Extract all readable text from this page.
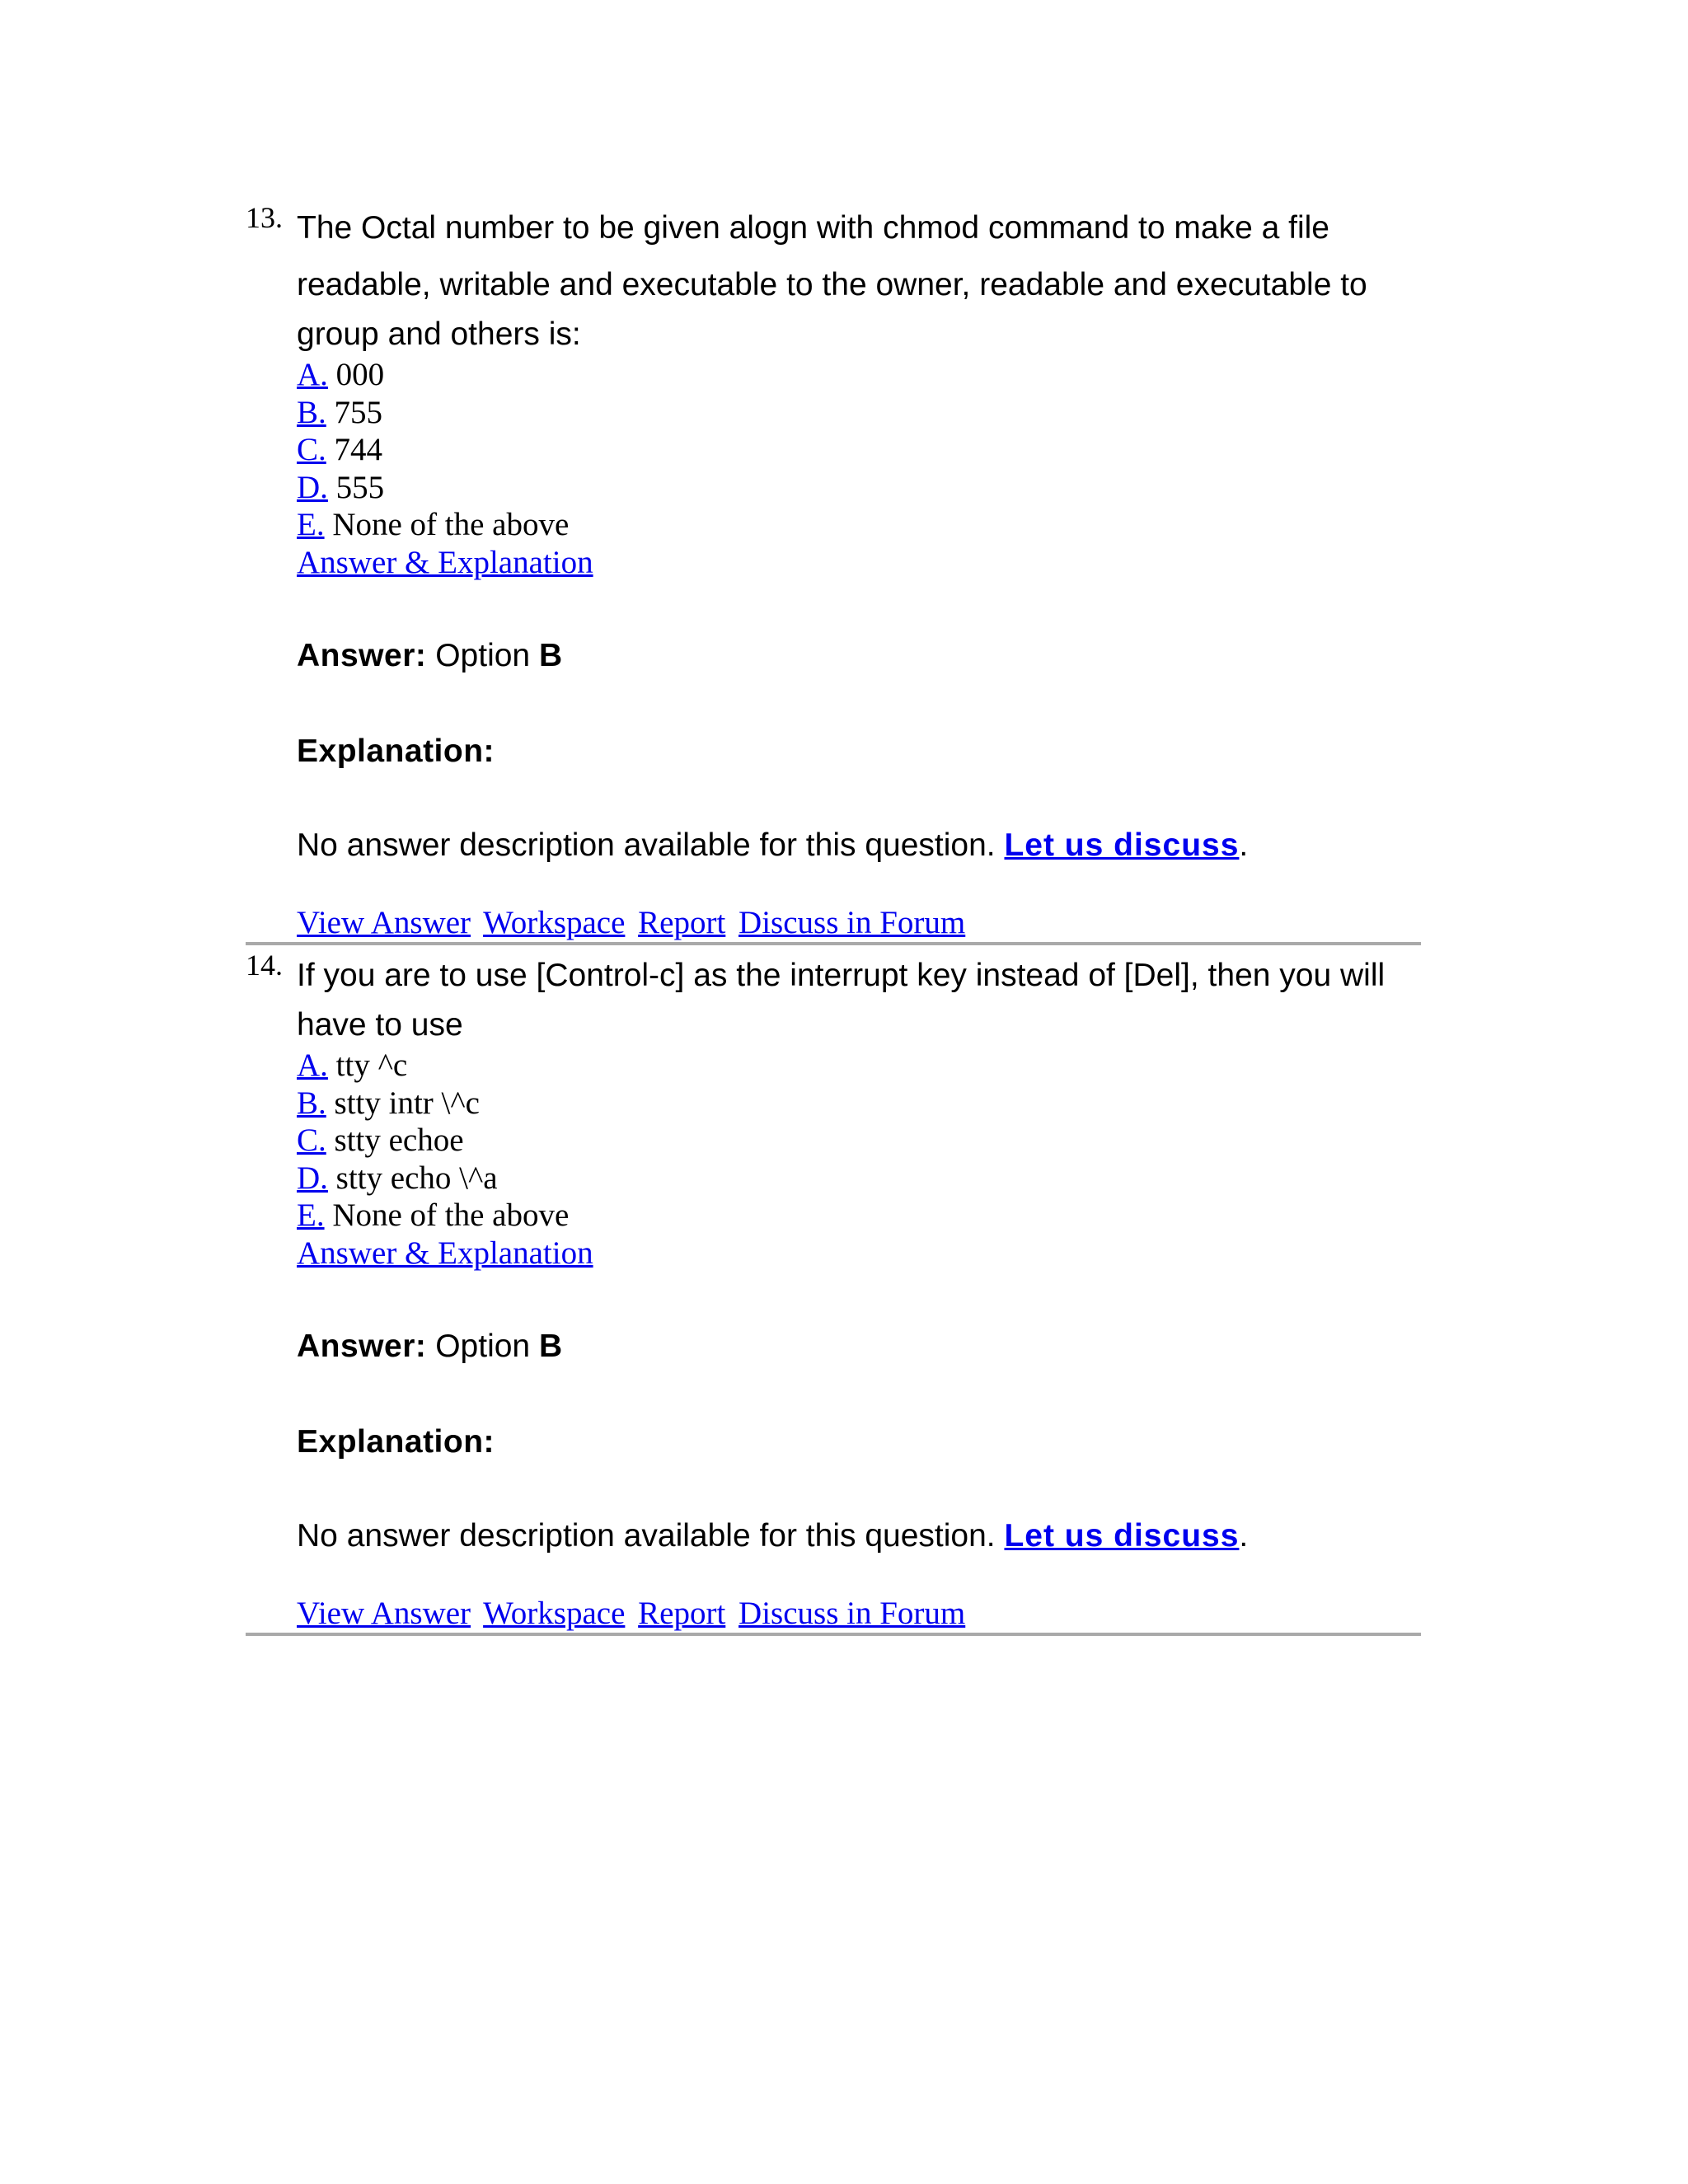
13. The Octal number to be given alogn with chmod command to make a file
readable, writable and executable to the owner, readable and executable to
group and others is:
A. 000
B. 755
C. 744
D. 555
E. None of the above
Answer & Explanation
Answer: Option B
Explanation:
No answer description available for this question. Let us discuss.
View Answer Workspace Report Discuss in Forum
14. If you are to use [Control-c] as the interrupt key instead of [Del], then you will
have to use
A. tty ^c
B. stty intr \^c
C. stty echoe
D. stty echo \^a
E. None of the above
Answer & Explanation
Answer: Option B
Explanation:
No answer description available for this question. Let us discuss.
View Answer Workspace Report Discuss in Forum
